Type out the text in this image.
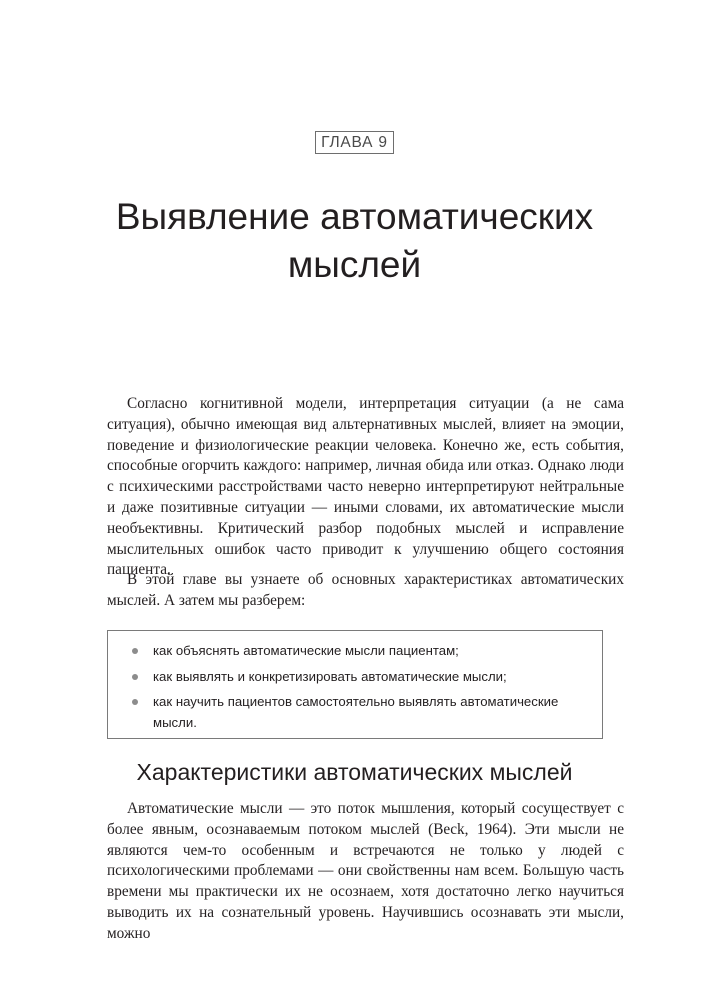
ГЛАВА 9
Выявление автоматических
мыслей

Согласно когнитивной модели, интерпретация ситуации (а не сама ситуация), обычно имеющая вид альтернативных мыслей, влияет на эмоции, поведение и физиологические реакции человека. Конечно же, есть события, способные огорчить каждого: например, личная обида или отказ. Однако люди с психическими расстройствами часто неверно интерпретируют нейтральные и даже позитивные ситуации — иными словами, их автоматические мысли необъективны. Критический разбор подобных мыслей и исправление мыслительных ошибок часто приводит к улучшению общего состояния пациента.

В этой главе вы узнаете об основных характеристиках автоматических мыслей. А затем мы разберем:

как объяснять автоматические мысли пациентам;
как выявлять и конкретизировать автоматические мысли;
как научить пациентов самостоятельно выявлять автоматические мысли.
Характеристики автоматических мыслей

Автоматические мысли — это поток мышления, который сосуществует с более явным, осознаваемым потоком мыслей (Beck, 1964). Эти мысли не являются чем-то особенным и встречаются не только у людей с психологическими проблемами — они свойственны нам всем. Большую часть времени мы практически их не осознаем, хотя достаточно легко научиться выводить их на сознательный уровень. Научившись осознавать эти мысли, можно
